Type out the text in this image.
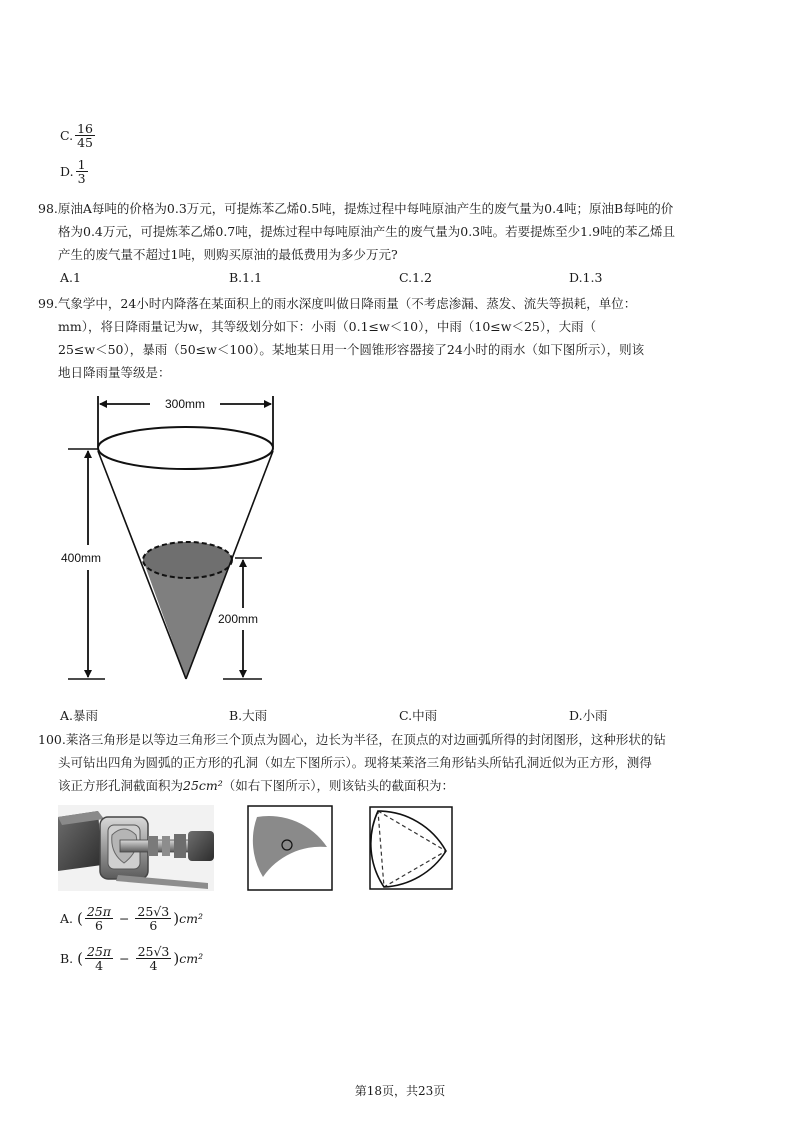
C. $\frac{16}{45}$
D. $\frac{1}{3}$
98.原油A每吨的价格为0.3万元，可提炼苯乙烯0.5吨，提炼过程中每吨原油产生的废气量为0.4吨；原油B每吨的价
格为0.4万元，可提炼苯乙烯0.7吨，提炼过程中每吨原油产生的废气量为0.3吨。若要提炼至少1.9吨的苯乙烯且
产生的废气量不超过1吨，则购买原油的最低费用为多少万元?
A.1	B.1.1	C.1.2	D.1.3
99.气象学中，24小时内降落在某面积上的雨水深度叫做日降雨量（不考虑渗漏、蒸发、流失等损耗，单位：
mm），将日降雨量记为w，其等级划分如下：小雨（0.1≤w＜10），中雨（10≤w＜25），大雨（
25≤w＜50），暴雨（50≤w＜100）。某地某日用一个圆锥形容器接了24小时的雨水（如下图所示），则该
地日降雨量等级是：
300mm
400mm
200mm
A.暴雨	B.大雨	C.中雨	D.小雨
100.莱洛三角形是以等边三角形三个顶点为圆心，边长为半径，在顶点的对边画弧所得的封闭图形，这种形状的钻
头可钻出四角为圆弧的正方形的孔洞（如左下图所示）。现将某莱洛三角形钻头所钻孔洞近似为正方形，测得
该正方形孔洞截面积为25cm²（如右下图所示），则该钻头的截面积为：
A. ( $\frac{25\pi}{6} - \frac{25√3}{6} )cm^2$
B. ( $\frac{25\pi}{4} - \frac{25√3}{4} )cm^2$
第18页，共23页
